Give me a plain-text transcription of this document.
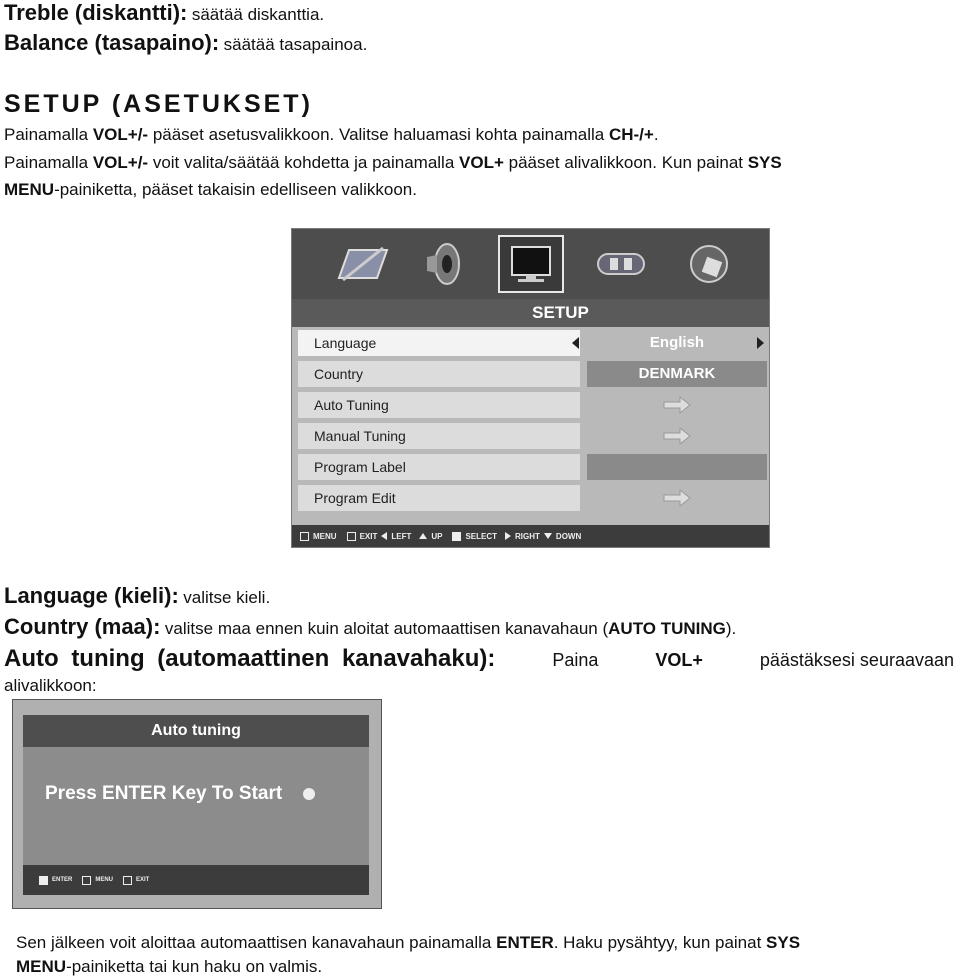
Treble (diskantti): säätää diskanttia.
Balance (tasapaino): säätää tasapainoa.
SETUP (ASETUKSET)
Painamalla VOL+/- pääset asetusvalikkoon. Valitse haluamasi kohta painamalla CH-/+.
Painamalla VOL+/- voit valita/säätää kohdetta ja painamalla VOL+ pääset alivalikkoon. Kun painat SYS
MENU-painiketta, pääset takaisin edelliseen valikkoon.
SETUP
Language	English
Country	DENMARK
Auto Tuning
Manual Tuning
Program Label
Program Edit
MENU	EXIT LEFT	UP	SELECT RIGHT DOWN
Language (kieli): valitse kieli.
Country (maa): valitse maa ennen kuin aloitat automaattisen kanavahaun (AUTO TUNING).
Auto tuning (automaattinen kanavahaku):	Paina	VOL+	päästäksesi seuraavaan
alivalikkoon:
Auto tuning
Press ENTER Key To Start
ENTER	MENU	EXIT
Sen jälkeen voit aloittaa automaattisen kanavahaun painamalla ENTER. Haku pysähtyy, kun painat SYS
MENU-painiketta tai kun haku on valmis.
